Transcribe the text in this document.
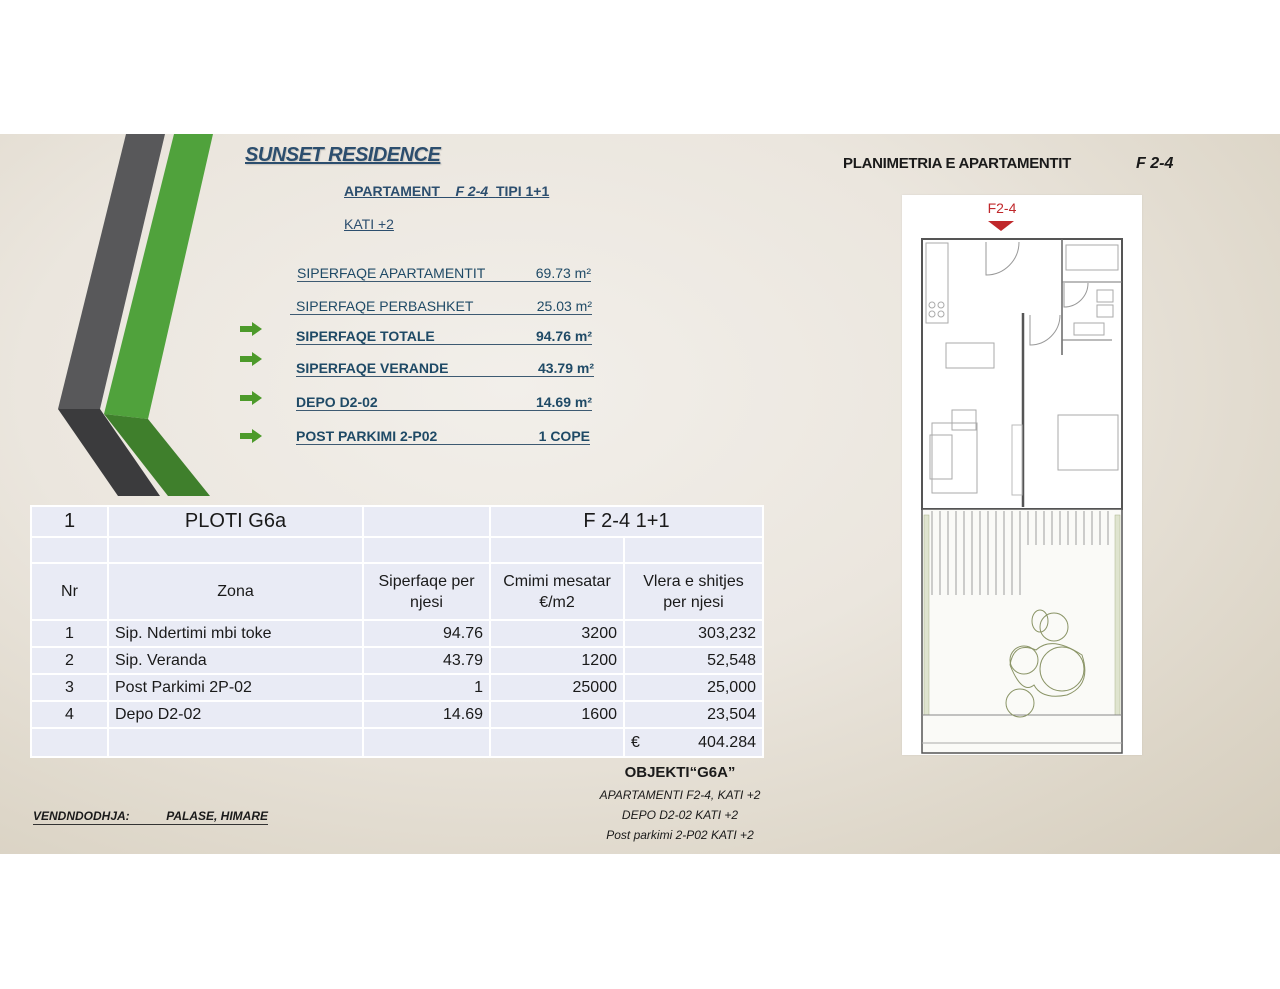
SUNSET RESIDENCE
APARTAMENT F 2-4 TIPI 1+1
KATI +2
SIPERFAQE APARTAMENTIT	69.73 m²
SIPERFAQE PERBASHKET	25.03 m²
SIPERFAQE TOTALE	94.76 m²
SIPERFAQE VERANDE	43.79 m²
DEPO D2-02	14.69 m²
POST PARKIMI 2-P02	1 COPE
PLANIMETRIA E APARTAMENTIT	F 2-4
F2-4
1	PLOTI G6a		F 2-4 1+1	

Nr	Zona	Siperfaqe per njesi	Cmimi mesatar €/m2	Vlera e shitjes per njesi
1	Sip. Ndertimi mbi toke	94.76	3200	303,232
2	Sip. Veranda	43.79	1200	52,548
3	Post Parkimi 2P-02	1	25000	25,000
4	Depo D2-02	14.69	1600	23,504

				€ 404.284
OBJEKTI“G6A”
APARTAMENTI F2-4, KATI +2
DEPO D2-02 KATI +2
Post parkimi 2-P02 KATI +2
VENDNDODHJA:	PALASE, HIMARE
